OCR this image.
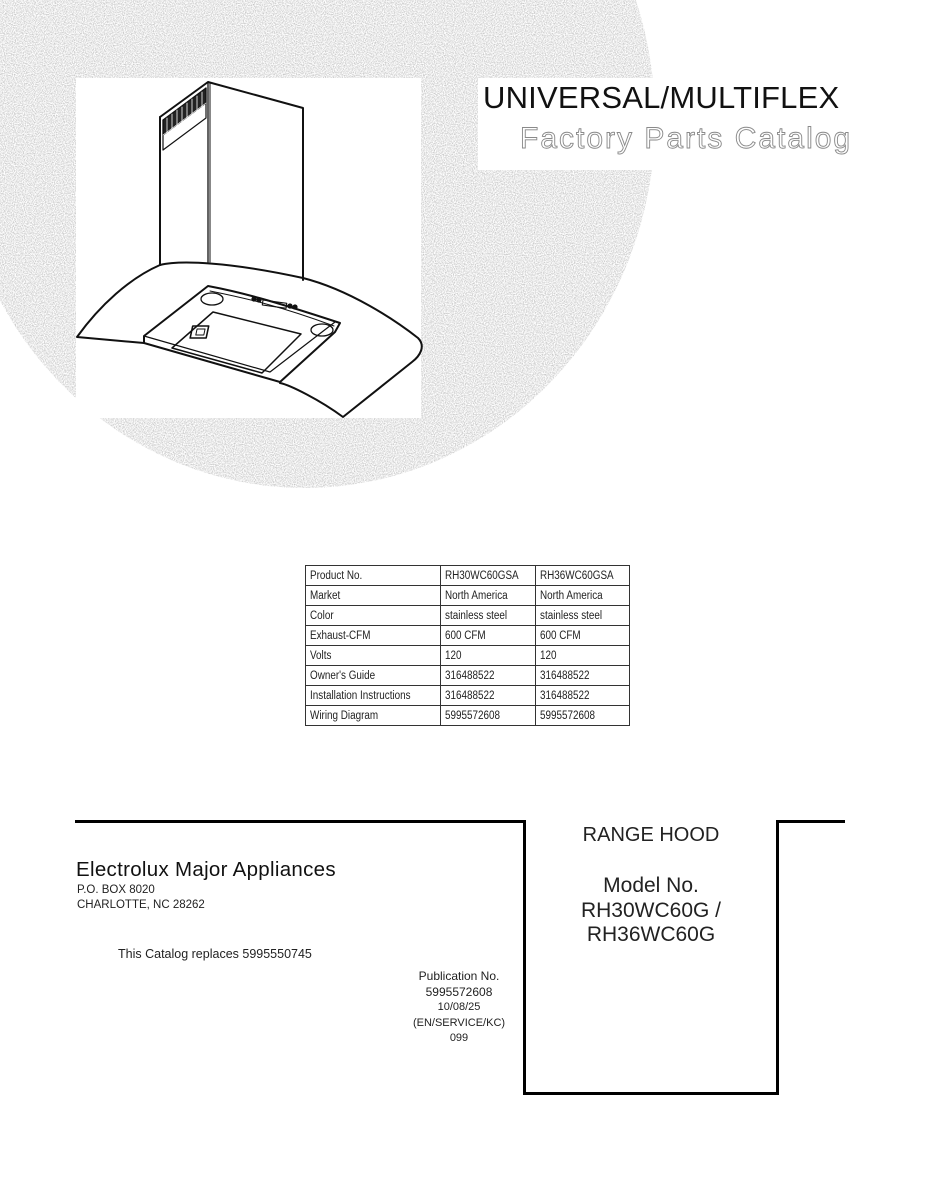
UNIVERSAL/MULTIFLEX
Factory Parts Catalog
Product No.	RH30WC60GSA	RH36WC60GSA
Market	North America	North America
Color	stainless steel	stainless steel
Exhaust-CFM	600 CFM	600 CFM
Volts	120	120
Owner's Guide	316488522	316488522
Installation Instructions	316488522	316488522
Wiring Diagram	5995572608	5995572608
Electrolux Major Appliances
P.O. BOX 8020
CHARLOTTE, NC 28262
This Catalog replaces 5995550745
Publication No.
5995572608
10/08/25
(EN/SERVICE/KC)
099
RANGE HOOD
Model No.
RH30WC60G /
RH36WC60G
